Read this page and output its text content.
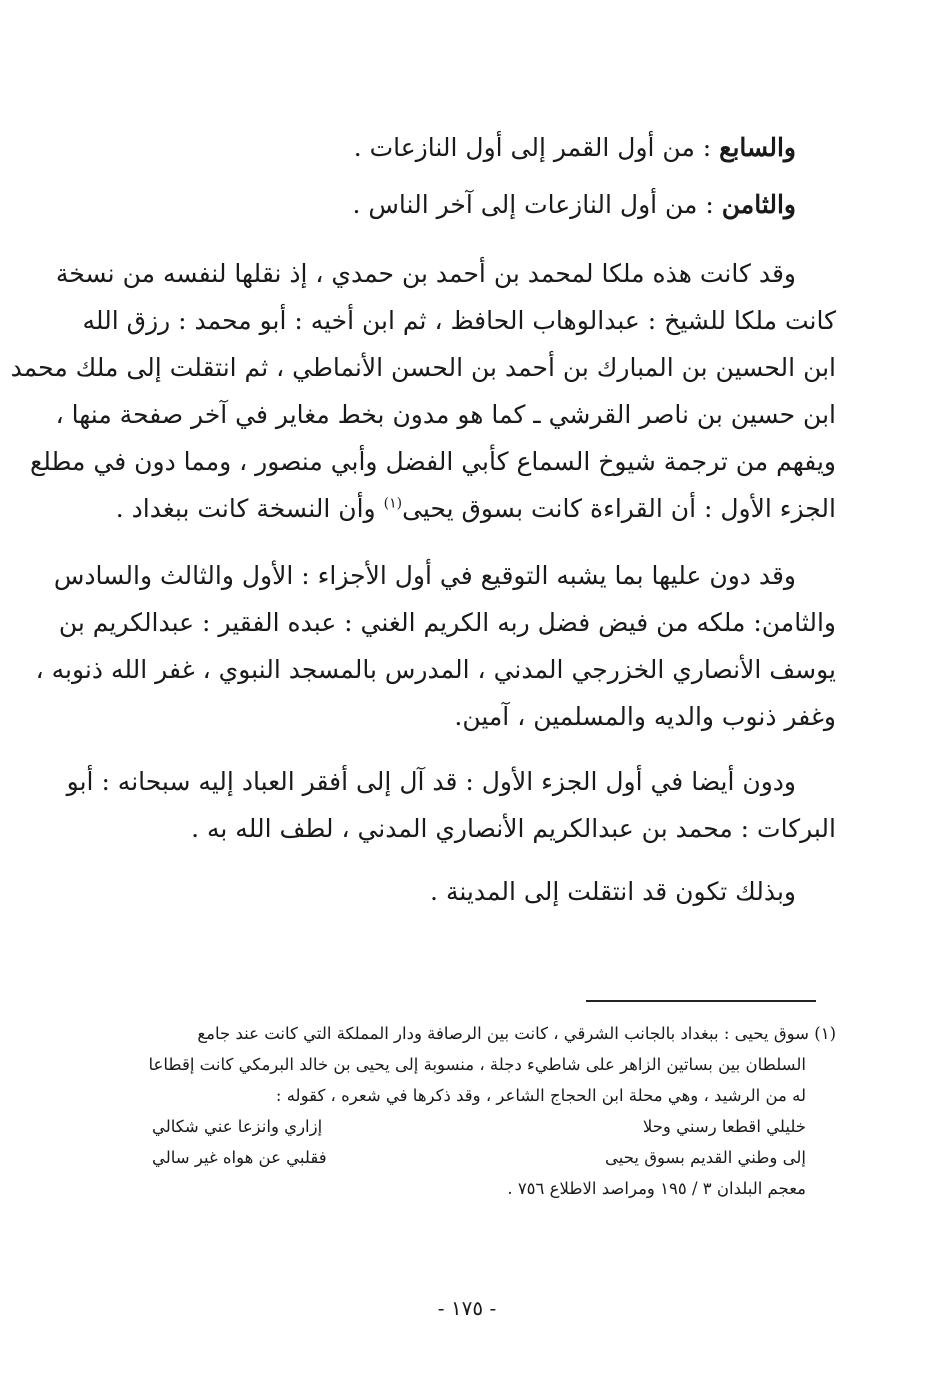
والسابع : من أول القمر إلى أول النازعات .
والثامن : من أول النازعات إلى آخر الناس .
وقد كانت هذه ملكا لمحمد بن أحمد بن حمدي ، إذ نقلها لنفسه من نسخة
كانت ملكا للشيخ : عبدالوهاب الحافظ ، ثم ابن أخيه : أبو محمد : رزق الله
ابن الحسين بن المبارك بن أحمد بن الحسن الأنماطي ، ثم انتقلت إلى ملك محمد
ابن حسين بن ناصر القرشي ـ كما هو مدون بخط مغاير في آخر صفحة منها ،
ويفهم من ترجمة شيوخ السماع كأبي الفضل وأبي منصور ، ومما دون في مطلع
الجزء الأول : أن القراءة كانت بسوق يحيى$^{(١)}$ وأن النسخة كانت ببغداد .
وقد دون عليها بما يشبه التوقيع في أول الأجزاء : الأول والثالث والسادس
والثامن: ملكه من فيض فضل ربه الكريم الغني : عبده الفقير : عبدالكريم بن
يوسف الأنصاري الخزرجي المدني ، المدرس بالمسجد النبوي ، غفر الله ذنوبه ،
وغفر ذنوب والديه والمسلمين ، آمين.
ودون أيضا في أول الجزء الأول : قد آل إلى أفقر العباد إليه سبحانه : أبو
البركات : محمد بن عبدالكريم الأنصاري المدني ، لطف الله به .
وبذلك تكون قد انتقلت إلى المدينة .
(١) سوق يحيى : ببغداد بالجانب الشرقي ، كانت بين الرصافة ودار المملكة التي كانت عند جامع
السلطان بين بساتين الزاهر على شاطيء دجلة ، منسوبة إلى يحيى بن خالد البرمكي كانت إقطاعا
له من الرشيد ، وهي محلة ابن الحجاج الشاعر ، وقد ذكرها في شعره ، كقوله :
خليلي اقطعا رسني وحلا
إزاري وانزعا عني شكالي
إلى وطني القديم بسوق يحيى
فقلبي عن هواه غير سالي
معجم البلدان ٣ / ١٩٥ ومراصد الاطلاع ٧٥٦ .
- ١٧٥ -
